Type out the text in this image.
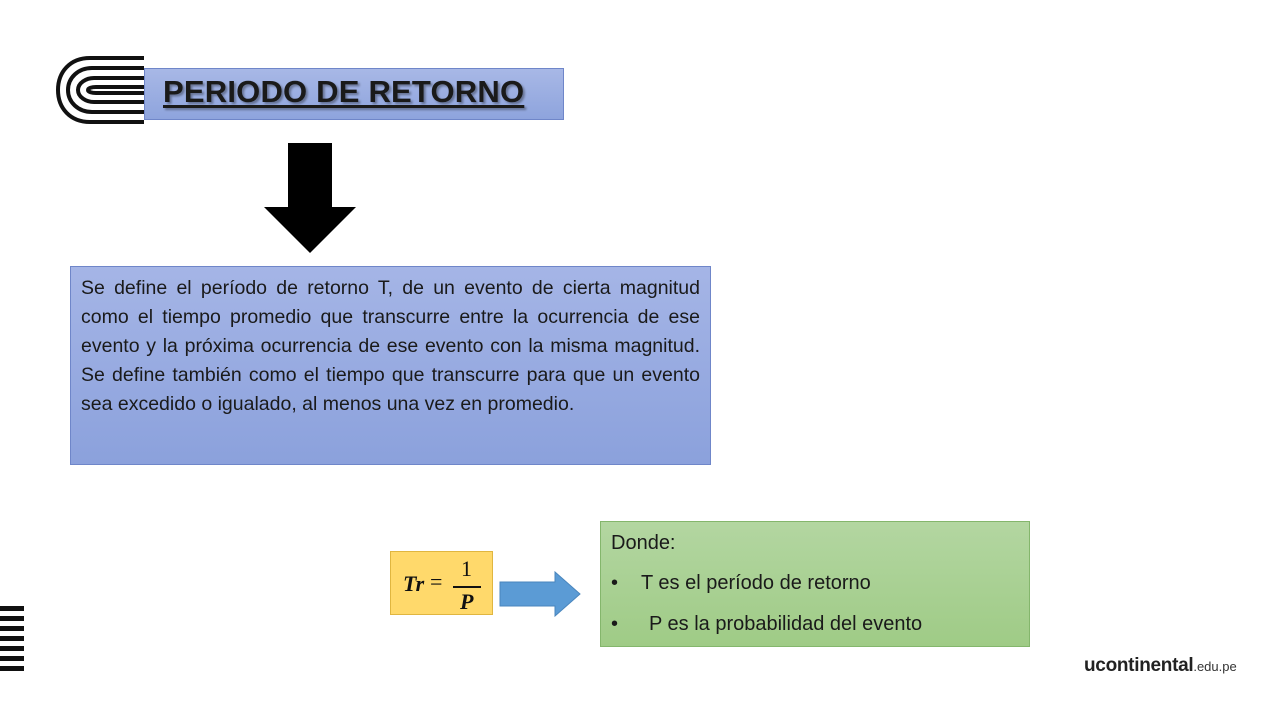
PERIODO DE RETORNO

Se define el período de retorno T, de un evento de cierta magnitud como el tiempo promedio que transcurre entre la ocurrencia de ese evento y la próxima ocurrencia de ese evento con la misma magnitud. Se define también como el tiempo que transcurre para que un evento sea excedido o igualado, al menos una vez en promedio.

Tr =
1
P
Donde:
• T es el período de retorno
• P es la probabilidad del evento
ucontinental.edu.pe
